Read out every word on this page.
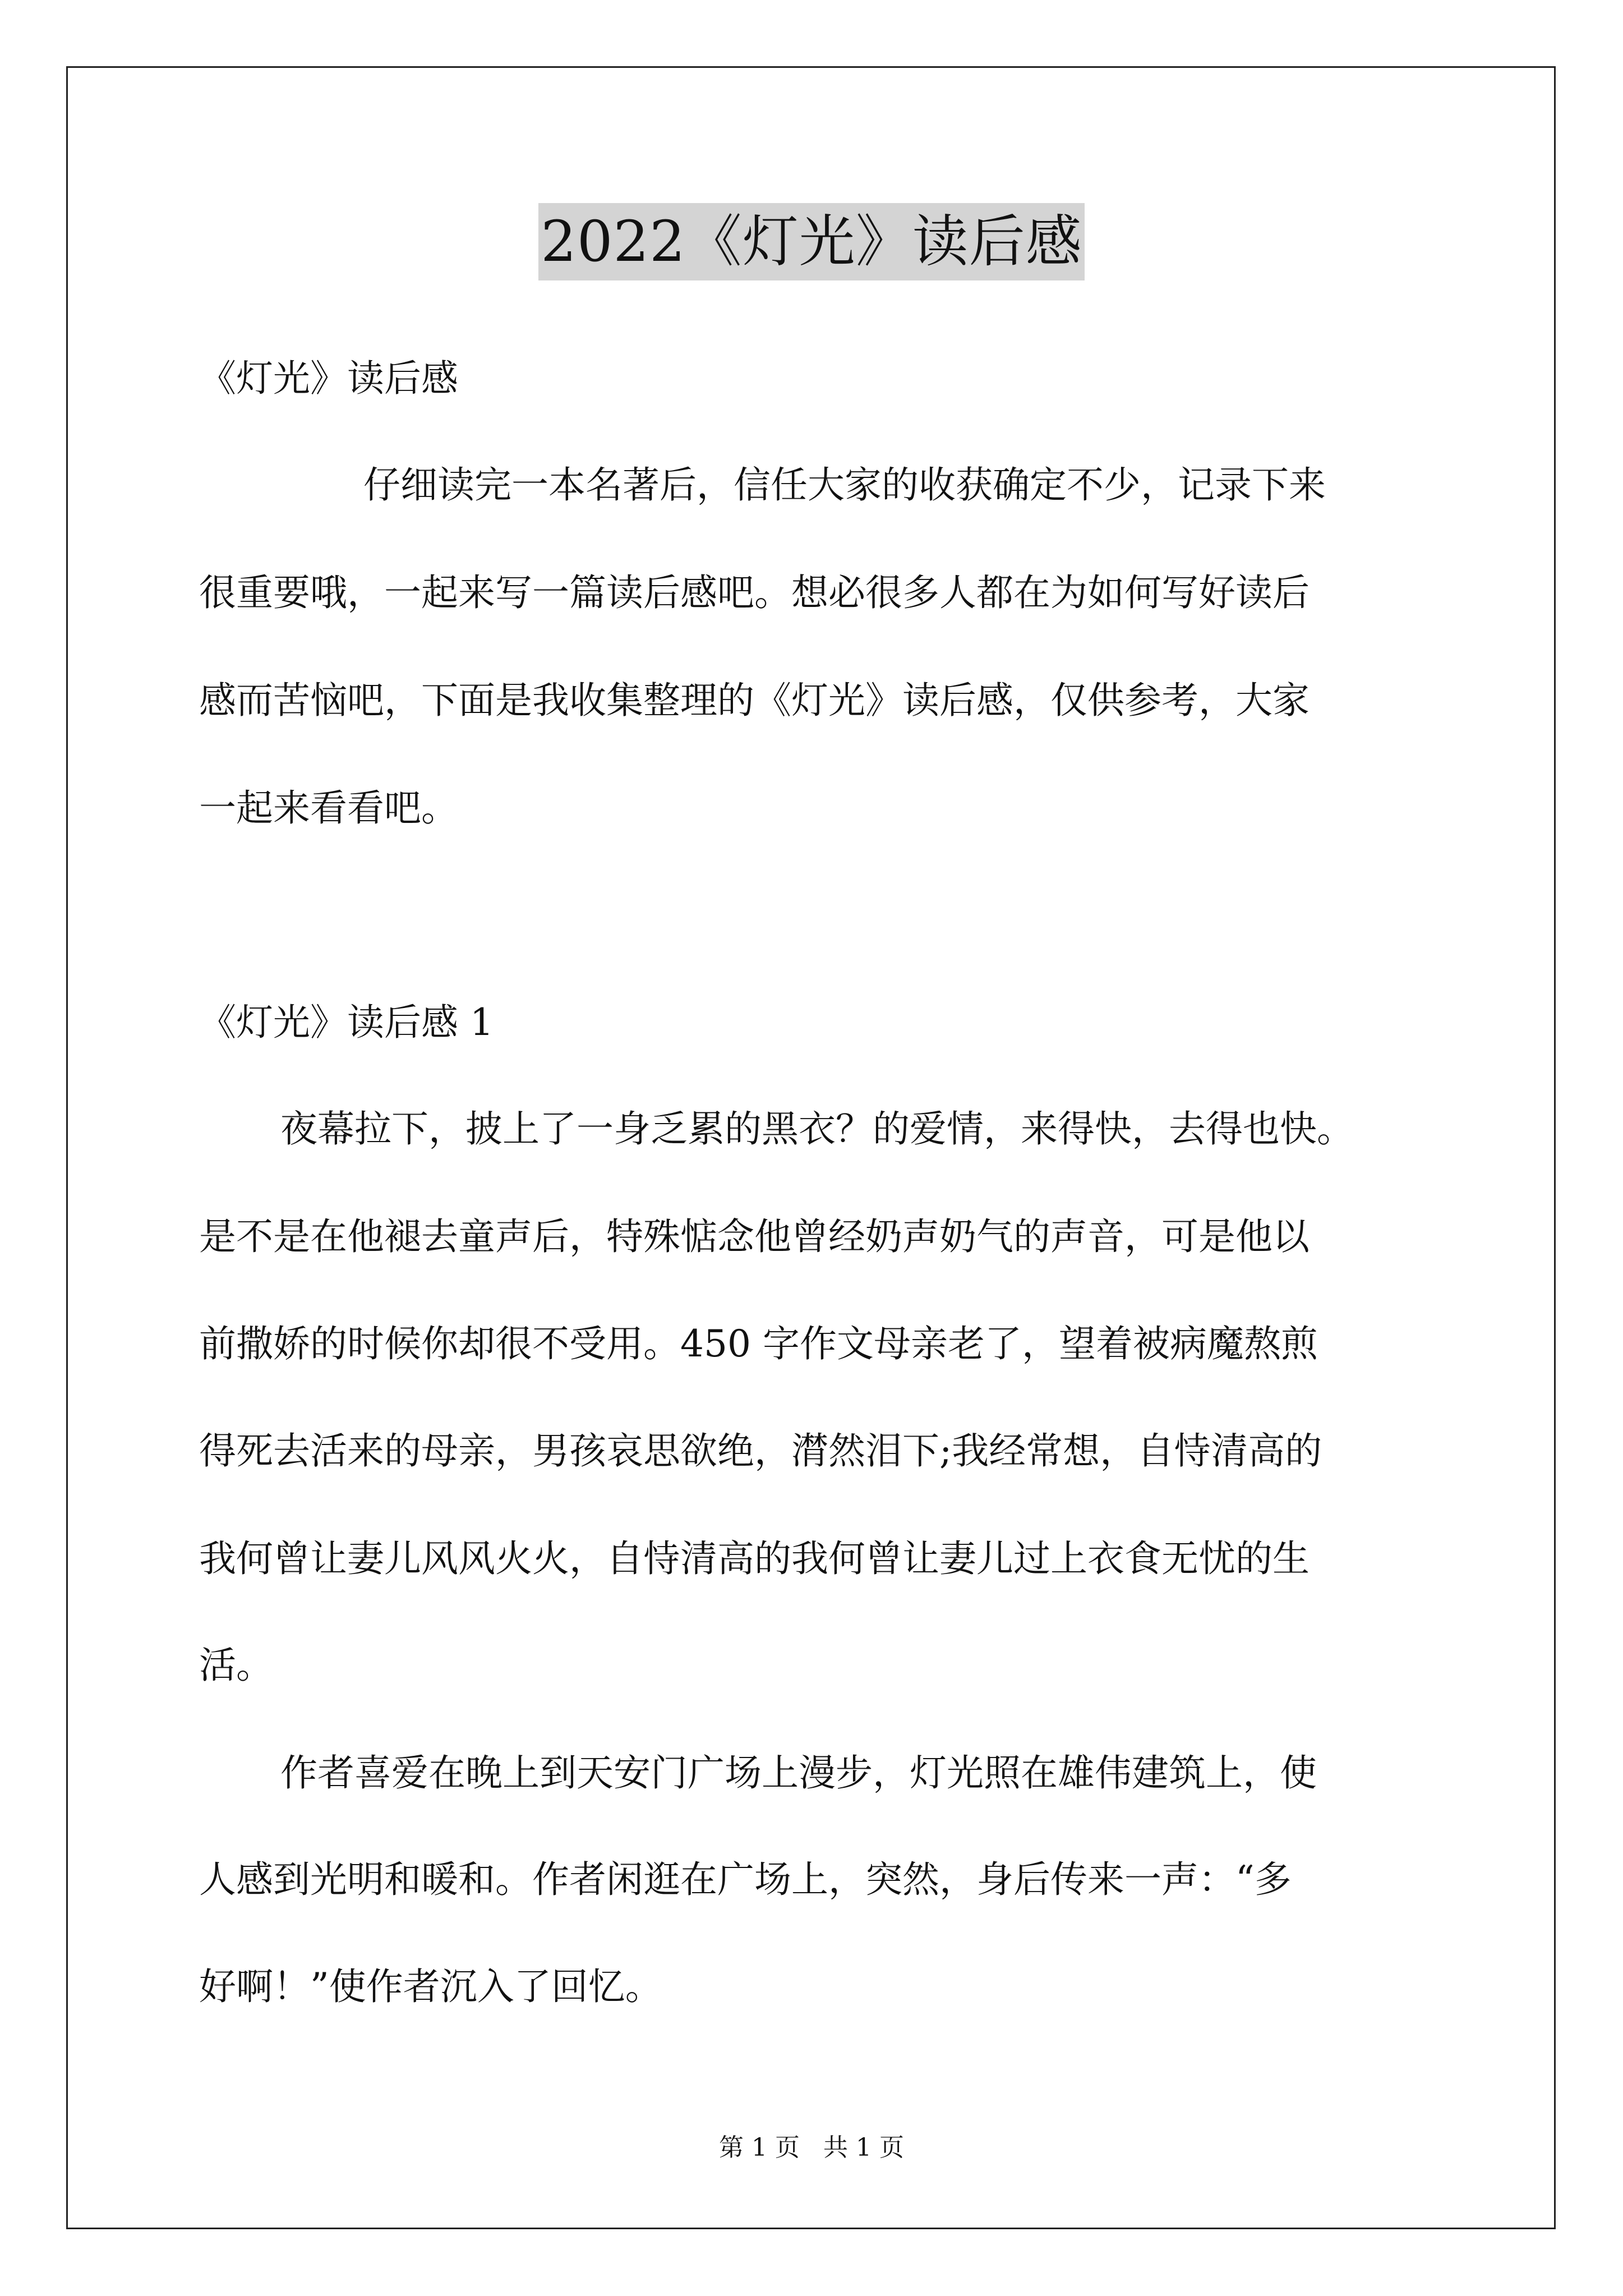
2022《灯光》读后感
《灯光》读后感
仔细读完一本名著后，信任大家的收获确定不少，记录下来
很重要哦，一起来写一篇读后感吧。想必很多人都在为如何写好读后
感而苦恼吧，下面是我收集整理的《灯光》读后感，仅供参考，大家
一起来看看吧。
《灯光》读后感 1
夜幕拉下，披上了一身乏累的黑衣？的爱情，来得快，去得也快。
是不是在他褪去童声后，特殊惦念他曾经奶声奶气的声音，可是他以
前撒娇的时候你却很不受用。450 字作文母亲老了，望着被病魔熬煎
得死去活来的母亲，男孩哀思欲绝，潸然泪下;我经常想，自恃清高的
我何曾让妻儿风风火火，自恃清高的我何曾让妻儿过上衣食无忧的生
活。
作者喜爱在晚上到天安门广场上漫步，灯光照在雄伟建筑上，使
人感到光明和暖和。作者闲逛在广场上，突然，身后传来一声：“多
好啊！”使作者沉入了回忆。
第 1 页   共 1 页
